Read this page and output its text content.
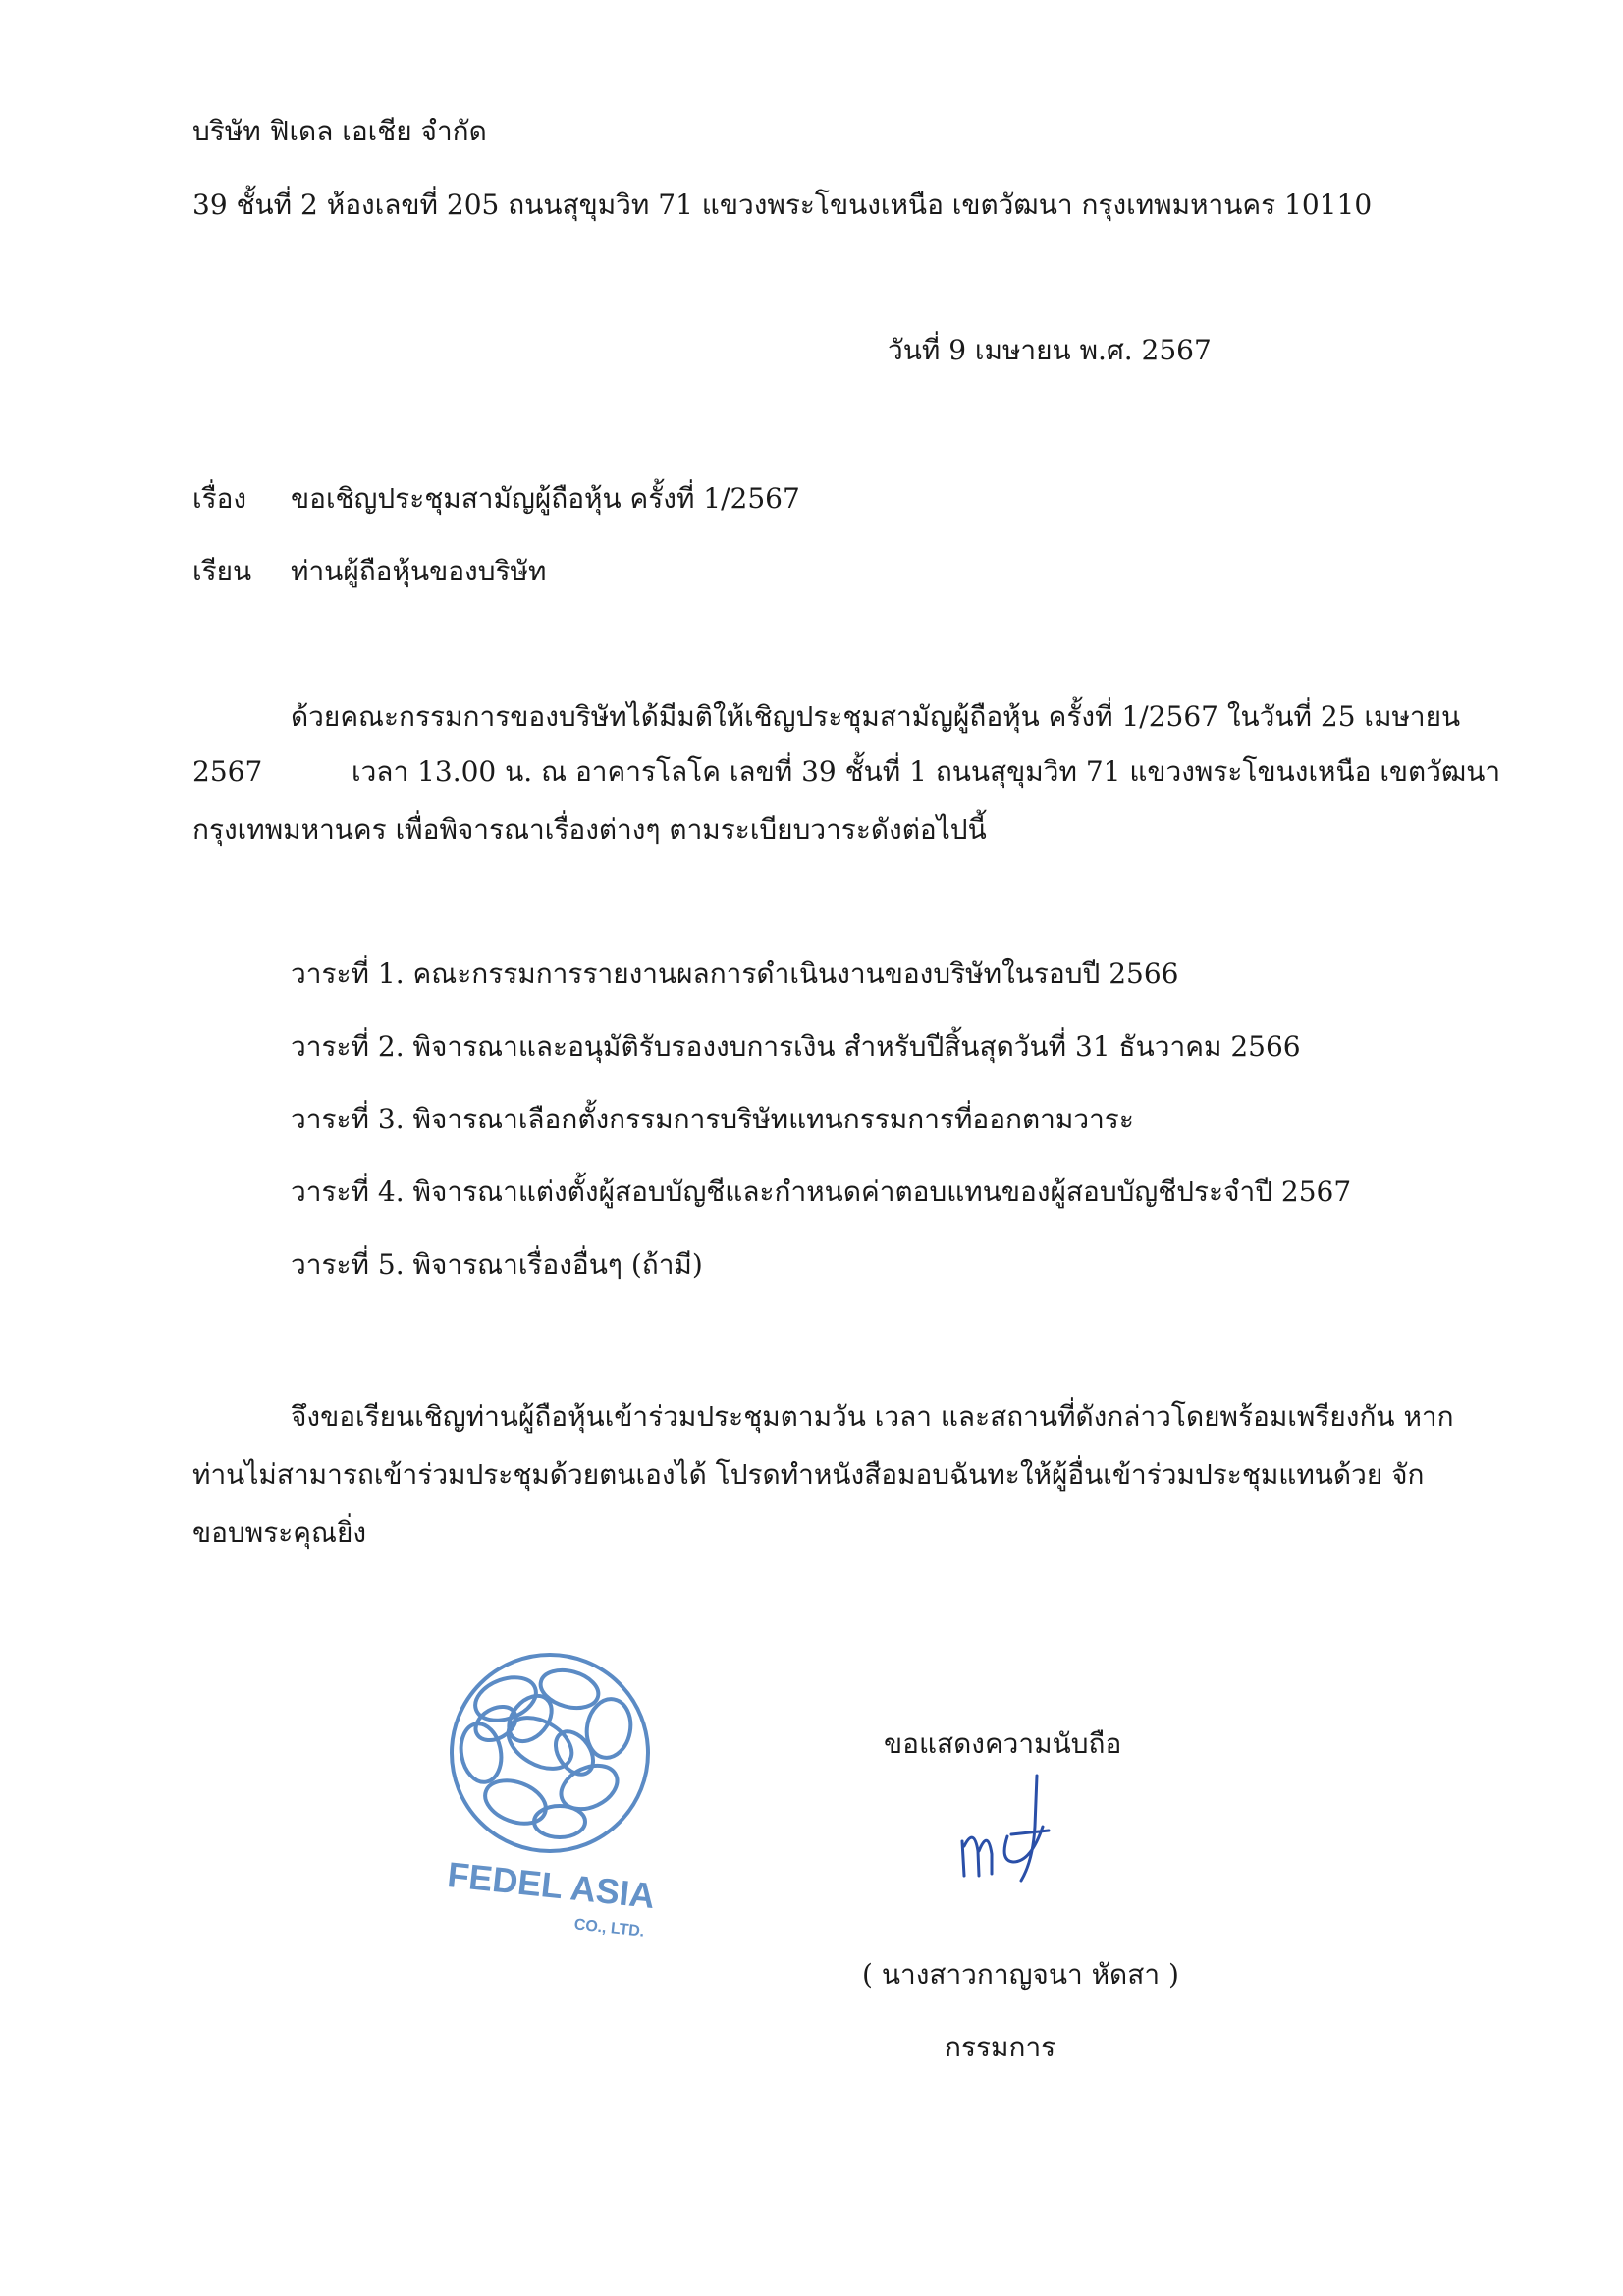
บริษัท ฟิเดล เอเชีย จำกัด
39 ชั้นที่ 2 ห้องเลขที่ 205 ถนนสุขุมวิท 71 แขวงพระโขนงเหนือ เขตวัฒนา กรุงเทพมหานคร 10110
วันที่ 9 เมษายน พ.ศ. 2567
เรื่อง ขอเชิญประชุมสามัญผู้ถือหุ้น ครั้งที่ 1/2567
เรียน ท่านผู้ถือหุ้นของบริษัท
ด้วยคณะกรรมการของบริษัทได้มีมติให้เชิญประชุมสามัญผู้ถือหุ้น ครั้งที่ 1/2567 ในวันที่ 25 เมษายน
2567	เวลา 13.00 น. ณ อาคารโลโค เลขที่ 39 ชั้นที่ 1 ถนนสุขุมวิท 71 แขวงพระโขนงเหนือ เขตวัฒนา
กรุงเทพมหานคร เพื่อพิจารณาเรื่องต่างๆ ตามระเบียบวาระดังต่อไปนี้
วาระที่ 1. คณะกรรมการรายงานผลการดำเนินงานของบริษัทในรอบปี 2566
วาระที่ 2. พิจารณาและอนุมัติรับรองงบการเงิน สำหรับปีสิ้นสุดวันที่ 31 ธันวาคม 2566
วาระที่ 3. พิจารณาเลือกตั้งกรรมการบริษัทแทนกรรมการที่ออกตามวาระ
วาระที่ 4. พิจารณาแต่งตั้งผู้สอบบัญชีและกำหนดค่าตอบแทนของผู้สอบบัญชีประจำปี 2567
วาระที่ 5. พิจารณาเรื่องอื่นๆ (ถ้ามี)
จึงขอเรียนเชิญท่านผู้ถือหุ้นเข้าร่วมประชุมตามวัน เวลา และสถานที่ดังกล่าวโดยพร้อมเพรียงกัน หาก
ท่านไม่สามารถเข้าร่วมประชุมด้วยตนเองได้ โปรดทำหนังสือมอบฉันทะให้ผู้อื่นเข้าร่วมประชุมแทนด้วย จัก
ขอบพระคุณยิ่ง
FEDEL ASIA
CO., LTD.
ขอแสดงความนับถือ
( นางสาวกาญจนา หัดสา )
กรรมการ
